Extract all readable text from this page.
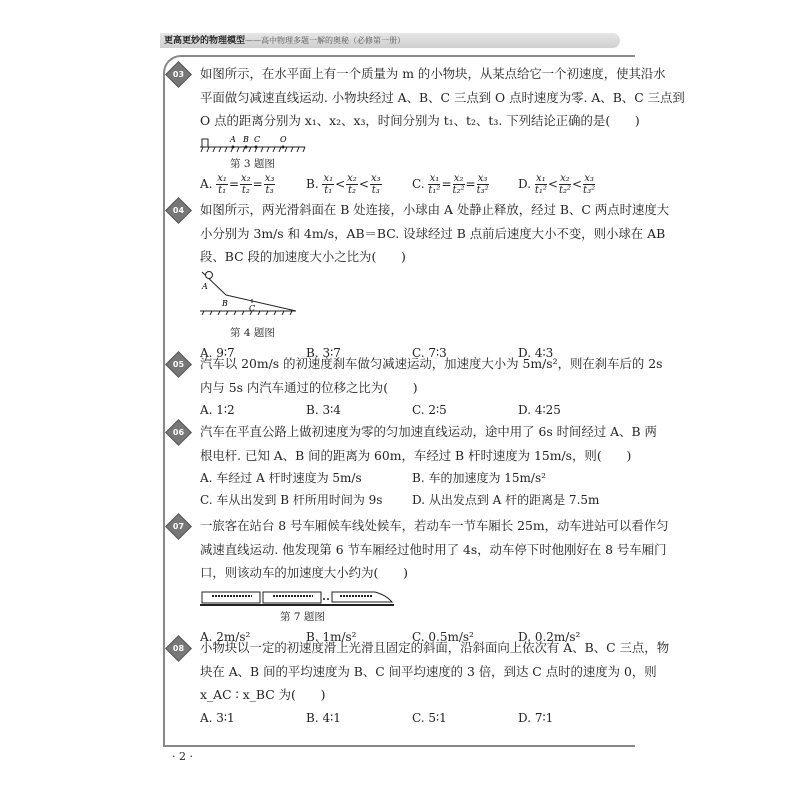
更高更妙的物理模型——高中物理多题一解的奥秘（必修第一册）
03 如图所示，在水平面上有一个质量为 m 的小物块，从某点给它一个初速度，使其沿水
平面做匀减速直线运动. 小物块经过 A、B、C 三点到 O 点时速度为零. A、B、C 三点到
O 点的距离分别为 x₁、x₂、x₃，时间分别为 t₁、t₂、t₃. 下列结论正确的是(　　)
A B C O
第 3 题图
A. $\frac{\text{x₁}}{\text{t₁}} = \frac{\text{x₂}}{\text{t₂}} = \frac{\text{x₃}}{\text{t₃}}$	B. $\frac{\text{x₁}}{\text{t₁}} < \frac{\text{x₂}}{\text{t₂}} < \frac{\text{x₃}}{\text{t₃}}$	C. $\frac{\text{x₁}}{\text{t₁²}} = \frac{\text{x₂}}{\text{t₂²}} = \frac{\text{x₃}}{\text{t₃²}} D$. $\frac{\text{x₁}}{\text{t₁²}} < \frac{\text{x₂}}{\text{t₂²}} < \frac{\text{x₃}}{\text{t₃²}}$
04 如图所示，两光滑斜面在 B 处连接，小球由 A 处静止释放，经过 B、C 两点时速度大
小分别为 3m/s 和 4m/s，AB＝BC. 设球经过 B 点前后速度大小不变，则小球在 AB
段、BC 段的加速度大小之比为(　　)
A
B
C
第 4 题图
A. 9∶7	B. 3∶7	C. 7∶3	D. 4∶3
05 汽车以 20m/s 的初速度刹车做匀减速运动，加速度大小为 5m/s²，则在刹车后的 2s
内与 5s 内汽车通过的位移之比为(　　)
A. 1∶2	B. 3∶4	C. 2∶5	D. 4∶25
06 汽车在平直公路上做初速度为零的匀加速直线运动，途中用了 6s 时间经过 A、B 两
根电杆. 已知 A、B 间的距离为 60m，车经过 B 杆时速度为 15m/s，则(　　)
A. 车经过 A 杆时速度为 5m/s	B. 车的加速度为 15m/s²
C. 车从出发到 B 杆所用时间为 9s	D. 从出发点到 A 杆的距离是 7.5m
07 一旅客在站台 8 号车厢候车线处候车，若动车一节车厢长 25m，动车进站可以看作匀
减速直线运动. 他发现第 6 节车厢经过他时用了 4s，动车停下时他刚好在 8 号车厢门
口，则该动车的加速度大小约为(　　)
第 7 题图
A. 2m/s²	B. 1m/s²	C. 0.5m/s²	D. 0.2m/s²
08 小物块以一定的初速度滑上光滑且固定的斜面，沿斜面向上依次有 A、B、C 三点，物
块在 A、B 间的平均速度为 B、C 间平均速度的 3 倍，到达 C 点时的速度为 0，则
x_AC ∶ x_BC 为(　　)
A. 3∶1	B. 4∶1	C. 5∶1	D. 7∶1
· 2 ·
